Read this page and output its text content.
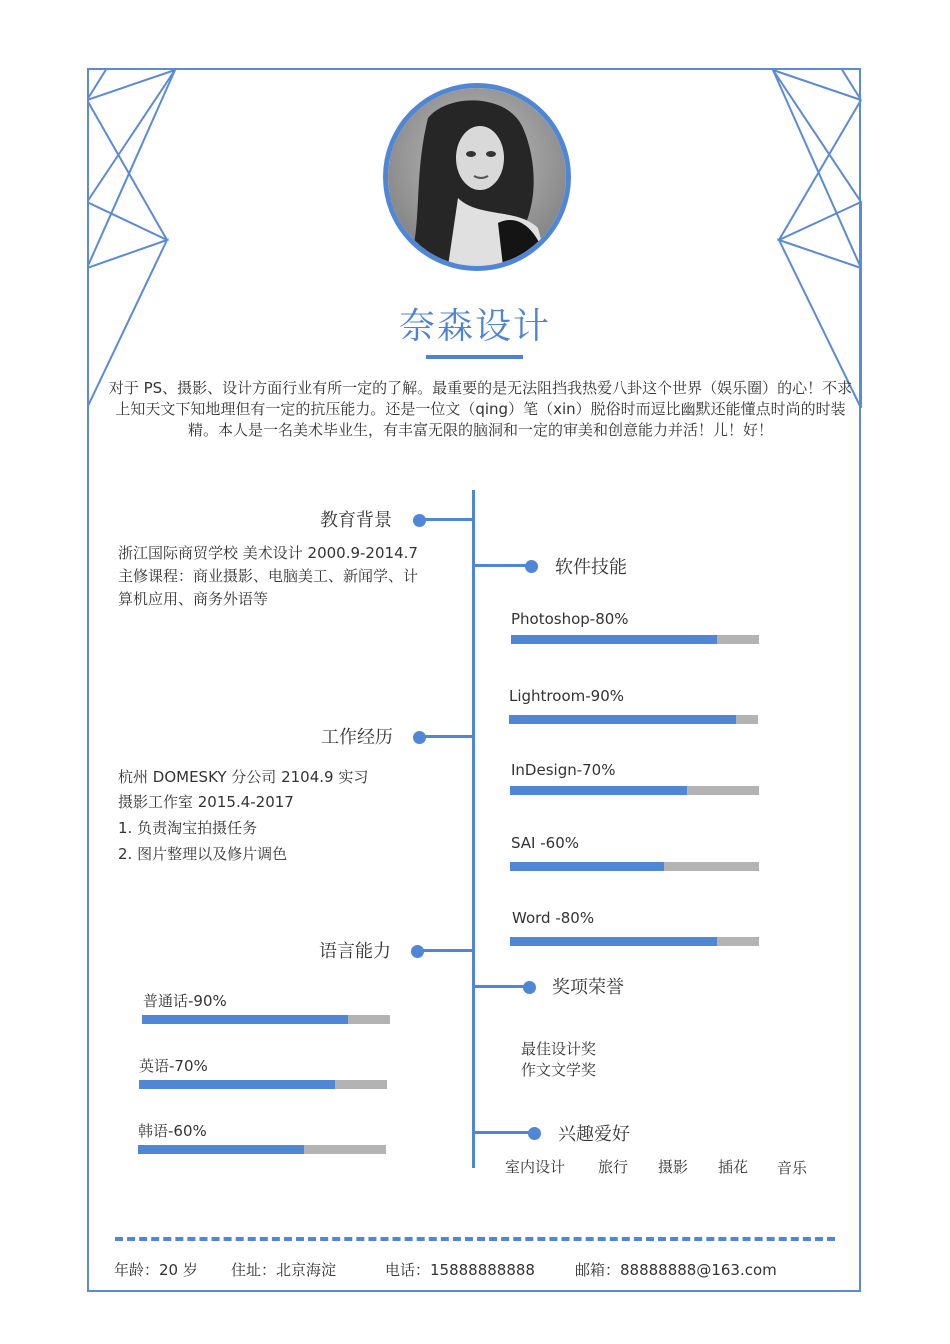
奈森设计
对于 PS、摄影、设计方面行业有所一定的了解。最重要的是无法阻挡我热爱八卦这个世界（娱乐圈）的心！不求上知天文下知地理但有一定的抗压能力。还是一位文（qing）笔（xin）脱俗时而逗比幽默还能懂点时尚的时装精。本人是一名美术毕业生，有丰富无限的脑洞和一定的审美和创意能力并活！儿！好！
教育背景
浙江国际商贸学校 美术设计 2000.9-2014.7
主修课程：商业摄影、电脑美工、新闻学、计
算机应用、商务外语等
工作经历
杭州 DOMESKY 分公司 2104.9 实习
摄影工作室 2015.4-2017
1. 负责淘宝拍摄任务
2. 图片整理以及修片调色
语言能力
普通话-90%
英语-70%
韩语-60%
软件技能
Photoshop-80%
Lightroom-90%
InDesign-70%
SAI -60%
Word -80%
奖项荣誉
最佳设计奖
作文文学奖
兴趣爱好
室内设计 旅行 摄影 插花 音乐
年龄：20 岁 住址：北京海淀	电话：15888888888	邮箱：88888888@163.com
